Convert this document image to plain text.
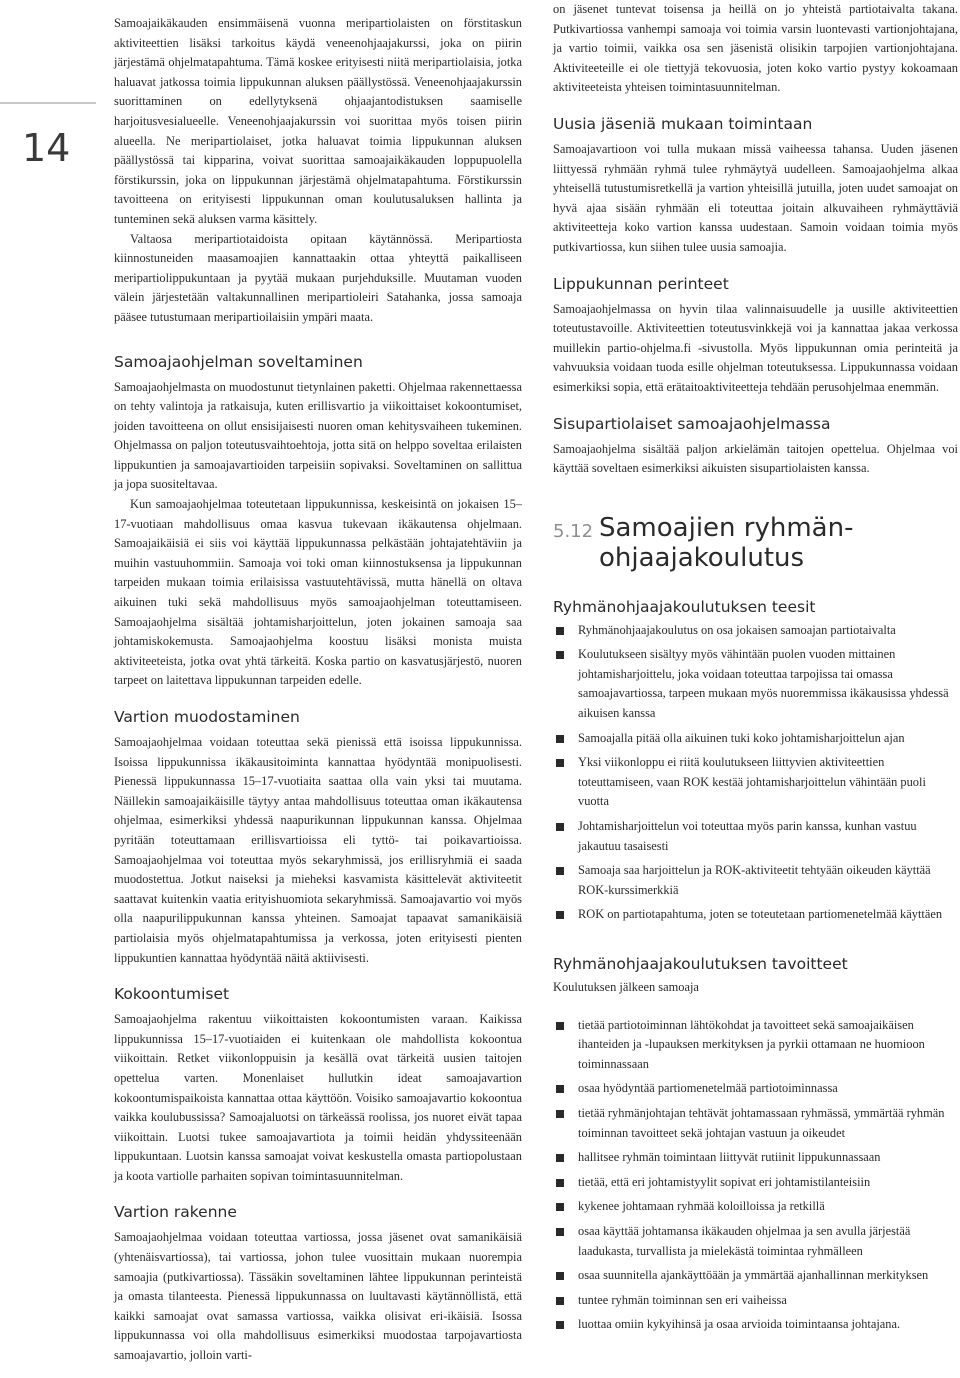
14

Samoajaikäkauden ensimmäisenä vuonna meripartiolaisten on förstitaskun aktiviteettien lisäksi tarkoitus käydä veneenohjaajakurssi, joka on piirin järjestämä ohjelmatapahtuma. Tämä koskee erityisesti niitä meripartiolaisia, jotka haluavat jatkossa toimia lippukunnan aluksen päällystössä. Veneenohjaajakurssin suorittaminen on edellytyksenä ohjaajantodistuksen saamiselle harjoitusvesialueelle. Veneenohjaajakurssin voi suorittaa myös toisen piirin alueella. Ne meripartiolaiset, jotka haluavat toimia lippukunnan aluksen päällystössä tai kipparina, voivat suorittaa samoajaikäkauden loppupuolella förstikurssin, joka on lippukunnan järjestämä ohjelmatapahtuma. Förstikurssin tavoitteena on erityisesti lippukunnan oman koulutusaluksen hallinta ja tunteminen sekä aluksen varma käsittely.

Valtaosa meripartiotaidoista opitaan käytännössä. Meripartiosta kiinnostuneiden maasamoajien kannattaakin ottaa yhteyttä paikalliseen meripartiolippukuntaan ja pyytää mukaan purjehduksille. Muutaman vuoden välein järjestetään valtakunnallinen meripartioleiri Satahanka, jossa samoaja pääsee tutustumaan meripartioilaisiin ympäri maata.

Samoajaohjelman soveltaminen

Samoajaohjelmasta on muodostunut tietynlainen paketti. Ohjelmaa rakennettaessa on tehty valintoja ja ratkaisuja, kuten erillisvartio ja viikoittaiset kokoontumiset, joiden tavoitteena on ollut ensisijaisesti nuoren oman kehitysvaiheen tukeminen. Ohjelmassa on paljon toteutusvaihtoehtoja, jotta sitä on helppo soveltaa erilaisten lippukuntien ja samoajavartioiden tarpeisiin sopivaksi. Soveltaminen on sallittua ja jopa suositeltavaa.

Kun samoajaohjelmaa toteutetaan lippukunnissa, keskeisintä on jokaisen 15–17-vuotiaan mahdollisuus omaa kasvua tukevaan ikäkautensa ohjelmaan. Samoajaikäisiä ei siis voi käyttää lippukunnassa pelkästään johtajatehtäviin ja muihin vastuuhommiin. Samoaja voi toki oman kiinnostuksensa ja lippukunnan tarpeiden mukaan toimia erilaisissa vastuutehtävissä, mutta hänellä on oltava aikuinen tuki sekä mahdollisuus myös samoajaohjelman toteuttamiseen. Samoajaohjelma sisältää johtamisharjoittelun, joten jokainen samoaja saa johtamiskokemusta. Samoajaohjelma koostuu lisäksi monista muista aktiviteeteista, jotka ovat yhtä tärkeitä. Koska partio on kasvatusjärjestö, nuoren tarpeet on laitettava lippukunnan tarpeiden edelle.

Vartion muodostaminen

Samoajaohjelmaa voidaan toteuttaa sekä pienissä että isoissa lippukunnissa. Isoissa lippukunnissa ikäkausitoiminta kannattaa hyödyntää monipuolisesti. Pienessä lippukunnassa 15–17-vuotiaita saattaa olla vain yksi tai muutama. Näillekin samoajaikäisille täytyy antaa mahdollisuus toteuttaa oman ikäkautensa ohjelmaa, esimerkiksi yhdessä naapurikunnan lippukunnan kanssa. Ohjelmaa pyritään toteuttamaan erillisvartioissa eli tyttö- tai poikavartioissa. Samoajaohjelmaa voi toteuttaa myös sekaryhmissä, jos erillisryhmiä ei saada muodostettua. Jotkut naiseksi ja mieheksi kasvamista käsittelevät aktiviteetit saattavat kuitenkin vaatia erityishuomiota sekaryhmissä. Samoajavartio voi myös olla naapurilippukunnan kanssa yhteinen. Samoajat tapaavat samanikäisiä partiolaisia myös ohjelmatapahtumissa ja verkossa, joten erityisesti pienten lippukuntien kannattaa hyödyntää näitä aktiivisesti.

Kokoontumiset

Samoajaohjelma rakentuu viikoittaisten kokoontumisten varaan. Kaikissa lippukunnissa 15–17-vuotiaiden ei kuitenkaan ole mahdollista kokoontua viikoittain. Retket viikonloppuisin ja kesällä ovat tärkeitä uusien taitojen opettelua varten. Monenlaiset hullutkin ideat samoajavartion kokoontumispaikoista kannattaa ottaa käyttöön. Voisiko samoajavartio kokoontua vaikka koulubussissa? Samoajaluotsi on tärkeässä roolissa, jos nuoret eivät tapaa viikoittain. Luotsi tukee samoajavartiota ja toimii heidän yhdyssiteenään lippukuntaan. Luotsin kanssa samoajat voivat keskustella omasta partiopolustaan ja koota vartiolle parhaiten sopivan toimintasuunnitelman.

Vartion rakenne

Samoajaohjelmaa voidaan toteuttaa vartiossa, jossa jäsenet ovat samanikäisiä (yhtenäisvartiossa), tai vartiossa, johon tulee vuosittain mukaan nuorempia samoajia (putkivartiossa). Tässäkin soveltaminen lähtee lippukunnan perinteistä ja omasta tilanteesta. Pienessä lippukunnassa on luultavasti käytännöllistä, että kaikki samoajat ovat samassa vartiossa, vaikka olisivat eri-ikäisiä. Isossa lippukunnassa voi olla mahdollisuus esimerkiksi muodostaa tarpojavartiosta samoajavartio, jolloin varti-

on jäsenet tuntevat toisensa ja heillä on jo yhteistä partiotaivalta takana. Putkivartiossa vanhempi samoaja voi toimia varsin luontevasti vartionjohtajana, ja vartio toimii, vaikka osa sen jäsenistä olisikin tarpojien vartionjohtajana. Aktiviteeteille ei ole tiettyjä tekovuosia, joten koko vartio pystyy kokoamaan aktiviteeteista yhteisen toimintasuunnitelman.

Uusia jäseniä mukaan toimintaan

Samoajavartioon voi tulla mukaan missä vaiheessa tahansa. Uuden jäsenen liittyessä ryhmään ryhmä tulee ryhmäytyä uudelleen. Samoajaohjelma alkaa yhteisellä tutustumisretkellä ja vartion yhteisillä jutuilla, joten uudet samoajat on hyvä ajaa sisään ryhmään eli toteuttaa joitain alkuvaiheen ryhmäyttäviä aktiviteetteja koko vartion kanssa uudestaan. Samoin voidaan toimia myös putkivartiossa, kun siihen tulee uusia samoajia.

Lippukunnan perinteet

Samoajaohjelmassa on hyvin tilaa valinnaisuudelle ja uusille aktiviteettien toteutustavoille. Aktiviteettien toteutusvinkkejä voi ja kannattaa jakaa verkossa muillekin partio-ohjelma.fi -sivustolla. Myös lippukunnan omia perinteitä ja vahvuuksia voidaan tuoda esille ohjelman toteutuksessa. Lippukunnassa voidaan esimerkiksi sopia, että erätaitoaktiviteetteja tehdään perusohjelmaa enemmän.

Sisupartiolaiset samoajaohjelmassa

Samoajaohjelma sisältää paljon arkielämän taitojen opettelua. Ohjelmaa voi käyttää soveltaen esimerkiksi aikuisten sisupartiolaisten kanssa.

5.12 Samoajien ryhmän-
ohjaajakoulutus
Ryhmänohjaajakoulutuksen teesit
Ryhmänohjaajakoulutus on osa jokaisen samoajan partiotaivalta
Koulutukseen sisältyy myös vähintään puolen vuoden mittainen johtamisharjoittelu, joka voidaan toteuttaa tarpojissa tai omassa samoajavartiossa, tarpeen mukaan myös nuoremmissa ikäkausissa yhdessä aikuisen kanssa
Samoajalla pitää olla aikuinen tuki koko johtamisharjoittelun ajan
Yksi viikonloppu ei riitä koulutukseen liittyvien aktiviteettien toteuttamiseen, vaan ROK kestää johtamisharjoittelun vähintään puoli vuotta
Johtamisharjoittelun voi toteuttaa myös parin kanssa, kunhan vastuu jakautuu tasaisesti
Samoaja saa harjoittelun ja ROK-aktiviteetit tehtyään oikeuden käyttää ROK-kurssimerkkiä
ROK on partiotapahtuma, joten se toteutetaan partiomenetelmää käyttäen
Ryhmänohjaajakoulutuksen tavoitteet

Koulutuksen jälkeen samoaja

tietää partiotoiminnan lähtökohdat ja tavoitteet sekä samoajaikäisen ihanteiden ja -lupauksen merkityksen ja pyrkii ottamaan ne huomioon toiminnassaan
osaa hyödyntää partiomenetelmää partiotoiminnassa
tietää ryhmänjohtajan tehtävät johtamassaan ryhmässä, ymmärtää ryhmän toiminnan tavoitteet sekä johtajan vastuun ja oikeudet
hallitsee ryhmän toimintaan liittyvät rutiinit lippukunnassaan
tietää, että eri johtamistyylit sopivat eri johtamistilanteisiin
kykenee johtamaan ryhmää koloilloissa ja retkillä
osaa käyttää johtamansa ikäkauden ohjelmaa ja sen avulla järjestää laadukasta, turvallista ja mielekästä toimintaa ryhmälleen
osaa suunnitella ajankäyttöään ja ymmärtää ajanhallinnan merkityksen
tuntee ryhmän toiminnan sen eri vaiheissa
luottaa omiin kykyihinsä ja osaa arvioida toimintaansa johtajana.
